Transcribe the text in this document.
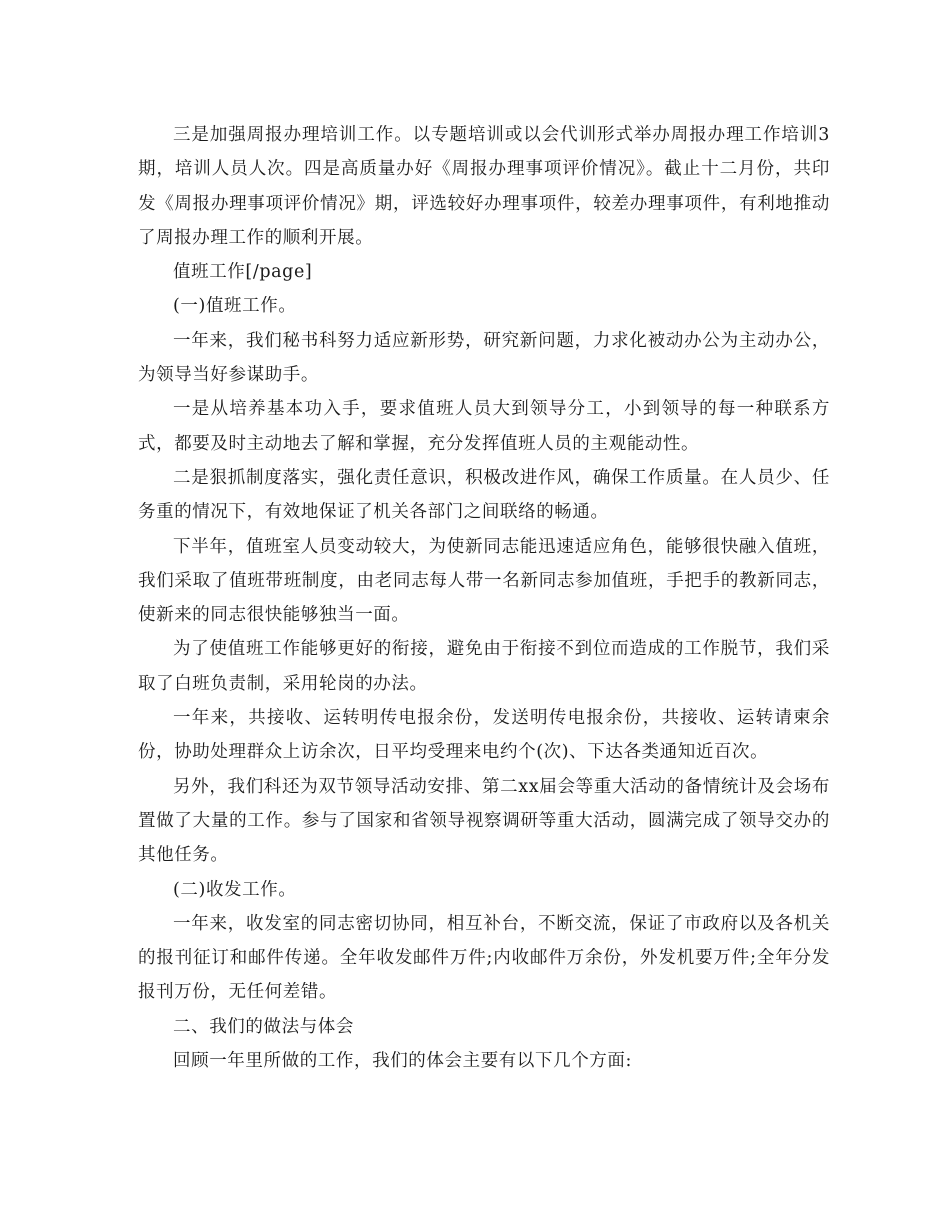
三是加强周报办理培训工作。以专题培训或以会代训形式举办周报办理工作培训3期，培训人员人次。四是高质量办好《周报办理事项评价情况》。截止十二月份，共印发《周报办理事项评价情况》期，评选较好办理事项件，较差办理事项件，有利地推动了周报办理工作的顺利开展。

值班工作[/page]

(一)值班工作。

一年来，我们秘书科努力适应新形势，研究新问题，力求化被动办公为主动办公，为领导当好参谋助手。

一是从培养基本功入手，要求值班人员大到领导分工，小到领导的每一种联系方式，都要及时主动地去了解和掌握，充分发挥值班人员的主观能动性。

二是狠抓制度落实，强化责任意识，积极改进作风，确保工作质量。在人员少、任务重的情况下，有效地保证了机关各部门之间联络的畅通。

下半年，值班室人员变动较大，为使新同志能迅速适应角色，能够很快融入值班，我们采取了值班带班制度，由老同志每人带一名新同志参加值班，手把手的教新同志，使新来的同志很快能够独当一面。

为了使值班工作能够更好的衔接，避免由于衔接不到位而造成的工作脱节，我们采取了白班负责制，采用轮岗的办法。

一年来，共接收、运转明传电报余份，发送明传电报余份，共接收、运转请柬余份，协助处理群众上访余次，日平均受理来电约个(次)、下达各类通知近百次。

另外，我们科还为双节领导活动安排、第二xx届会等重大活动的备情统计及会场布置做了大量的工作。参与了国家和省领导视察调研等重大活动，圆满完成了领导交办的其他任务。

(二)收发工作。

一年来，收发室的同志密切协同，相互补台，不断交流，保证了市政府以及各机关的报刊征订和邮件传递。全年收发邮件万件;内收邮件万余份，外发机要万件;全年分发报刊万份，无任何差错。

二、我们的做法与体会

回顾一年里所做的工作，我们的体会主要有以下几个方面:
